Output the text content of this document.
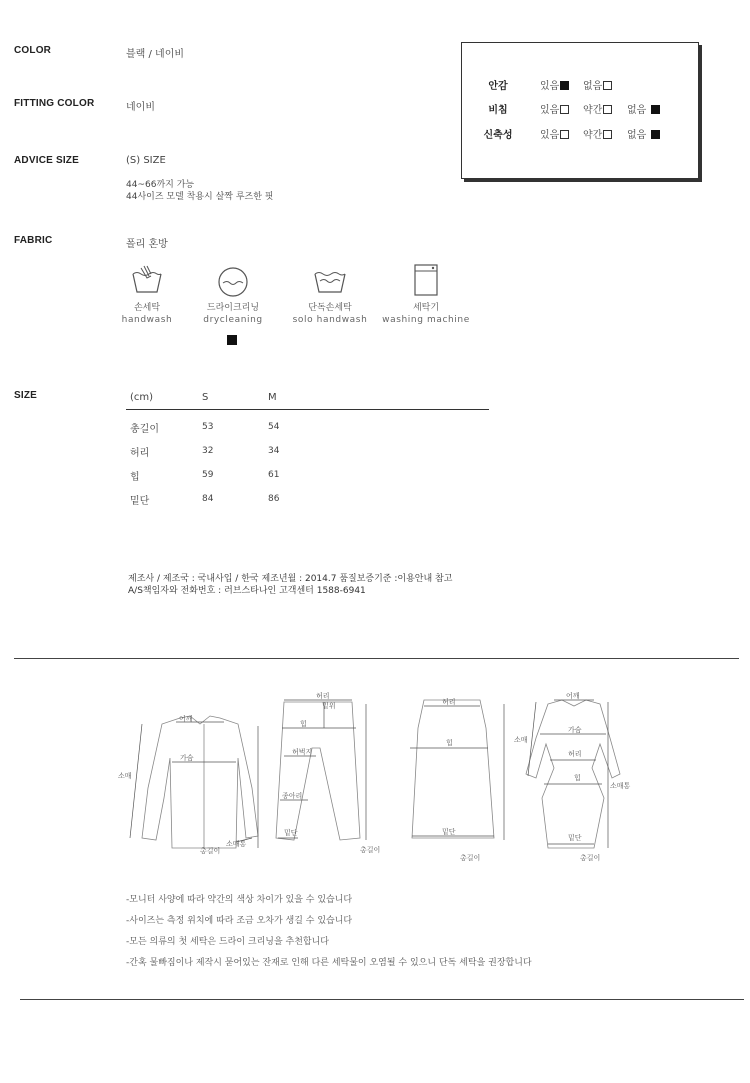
COLOR	블랙 / 네이비
FITTING COLOR	네이비
ADVICE SIZE	(S) SIZE
44~66까지 가능
44사이즈 모델 착용시 살짝 루즈한 핏
FABRIC	폴리 혼방
안감	있음	없음
비침	있음	약간	없음
신축성	있음	약간	없음
손세탁
handwash
드라이크리닝
drycleaning
단독손세탁
solo handwash
세탁기
washing machine
SIZE	(cm)	S	M
총길이	53	54
허리	32	34
힙	59	61
밑단	84	86
제조사 / 제조국 : 국내사입 / 한국 제조년월 : 2014.7 품질보증기준 :이용안내 참고
A/S책임자와 전화번호 : 러브스타나인 고객센터 1588-6941
어깨
가슴
소매
소매통
총길이
허리
밑위
힙
허벅지
종아리
밑단
총길이
허리
힙
밑단
총길이
어깨
소매
가슴
허리
힙
소매통
밑단
총길이
-모니터 사양에 따라 약간의 색상 차이가 있을 수 있습니다
-사이즈는 측정 위치에 따라 조금 오차가 생길 수 있습니다
-모든 의류의 첫 세탁은 드라이 크리닝을 추천합니다
-간혹 물빠짐이나 제작시 묻어있는 잔재로 인해 다른 세탁물이 오염될 수 있으니 단독 세탁을 권장합니다
